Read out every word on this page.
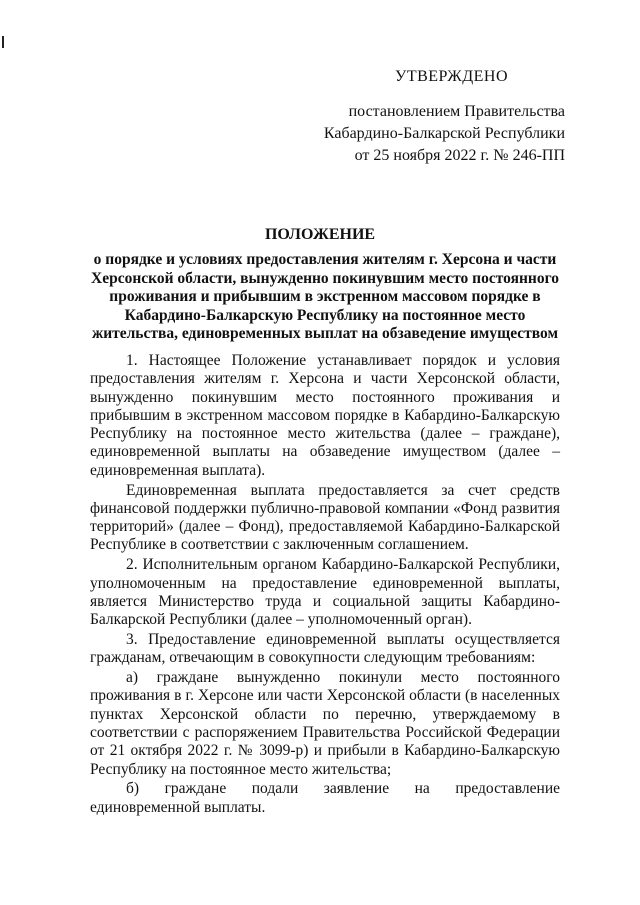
УТВЕРЖДЕНО
постановлением Правительства
Кабардино-Балкарской Республики
от 25 ноября 2022 г. № 246-ПП
ПОЛОЖЕНИЕ
о порядке и условиях предоставления жителям г. Херсона и части Херсонской области, вынужденно покинувшим место постоянного проживания и прибывшим в экстренном массовом порядке в Кабардино-Балкарскую Республику на постоянное место жительства, единовременных выплат на обзаведение имуществом

1. Настоящее Положение устанавливает порядок и условия предоставления жителям г. Херсона и части Херсонской области, вынужденно покинувшим место постоянного проживания и прибывшим в экстренном массовом порядке в Кабардино-Балкарскую Республику на постоянное место жительства (далее – граждане), единовременной выплаты на обзаведение имуществом (далее – единовременная выплата).

Единовременная выплата предоставляется за счет средств финансовой поддержки публично-правовой компании «Фонд развития территорий» (далее – Фонд), предоставляемой Кабардино-Балкарской Республике в соответствии с заключенным соглашением.

2. Исполнительным органом Кабардино-Балкарской Республики, уполномоченным на предоставление единовременной выплаты, является Министерство труда и социальной защиты Кабардино-Балкарской Республики (далее – уполномоченный орган).

3. Предоставление единовременной выплаты осуществляется гражданам, отвечающим в совокупности следующим требованиям:

а) граждане вынужденно покинули место постоянного проживания в г. Херсоне или части Херсонской области (в населенных пунктах Херсонской области по перечню, утверждаемому в соответствии с распоряжением Правительства Российской Федерации от 21 октября 2022 г. № 3099-р) и прибыли в Кабардино-Балкарскую Республику на постоянное место жительства;

б) граждане подали заявление на предоставление единовременной выплаты.
